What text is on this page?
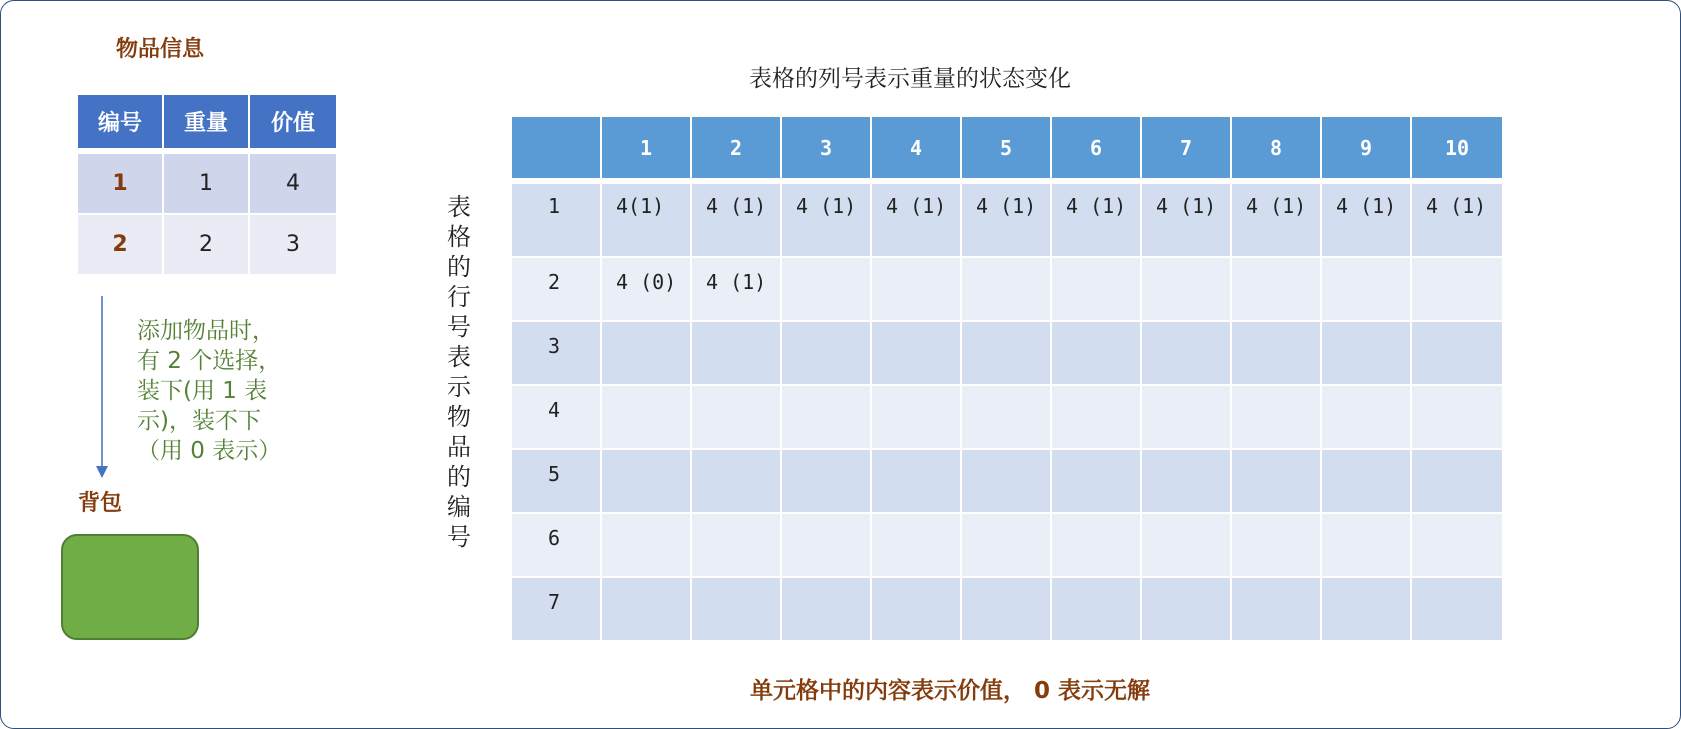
物品信息
编号	重量	价值
1	1	4
2	2	3
添加物品时，
有 2 个选择，
装下(用 1 表
示)，装不下
（用 0 表示）
背包
表格的列号表示重量的状态变化
表
格
的
行
号
表
示
物
品
的
编
号
	1	2	3	4	5	6	7	8	9	10
1	4(1)	4 (1)	4 (1)	4 (1)	4 (1)	4 (1)	4 (1)	4 (1)	4 (1)	4 (1)
2	4 (0)	4 (1)								
3										
4										
5										
6										
7										
单元格中的内容表示价值， 0 表示无解
